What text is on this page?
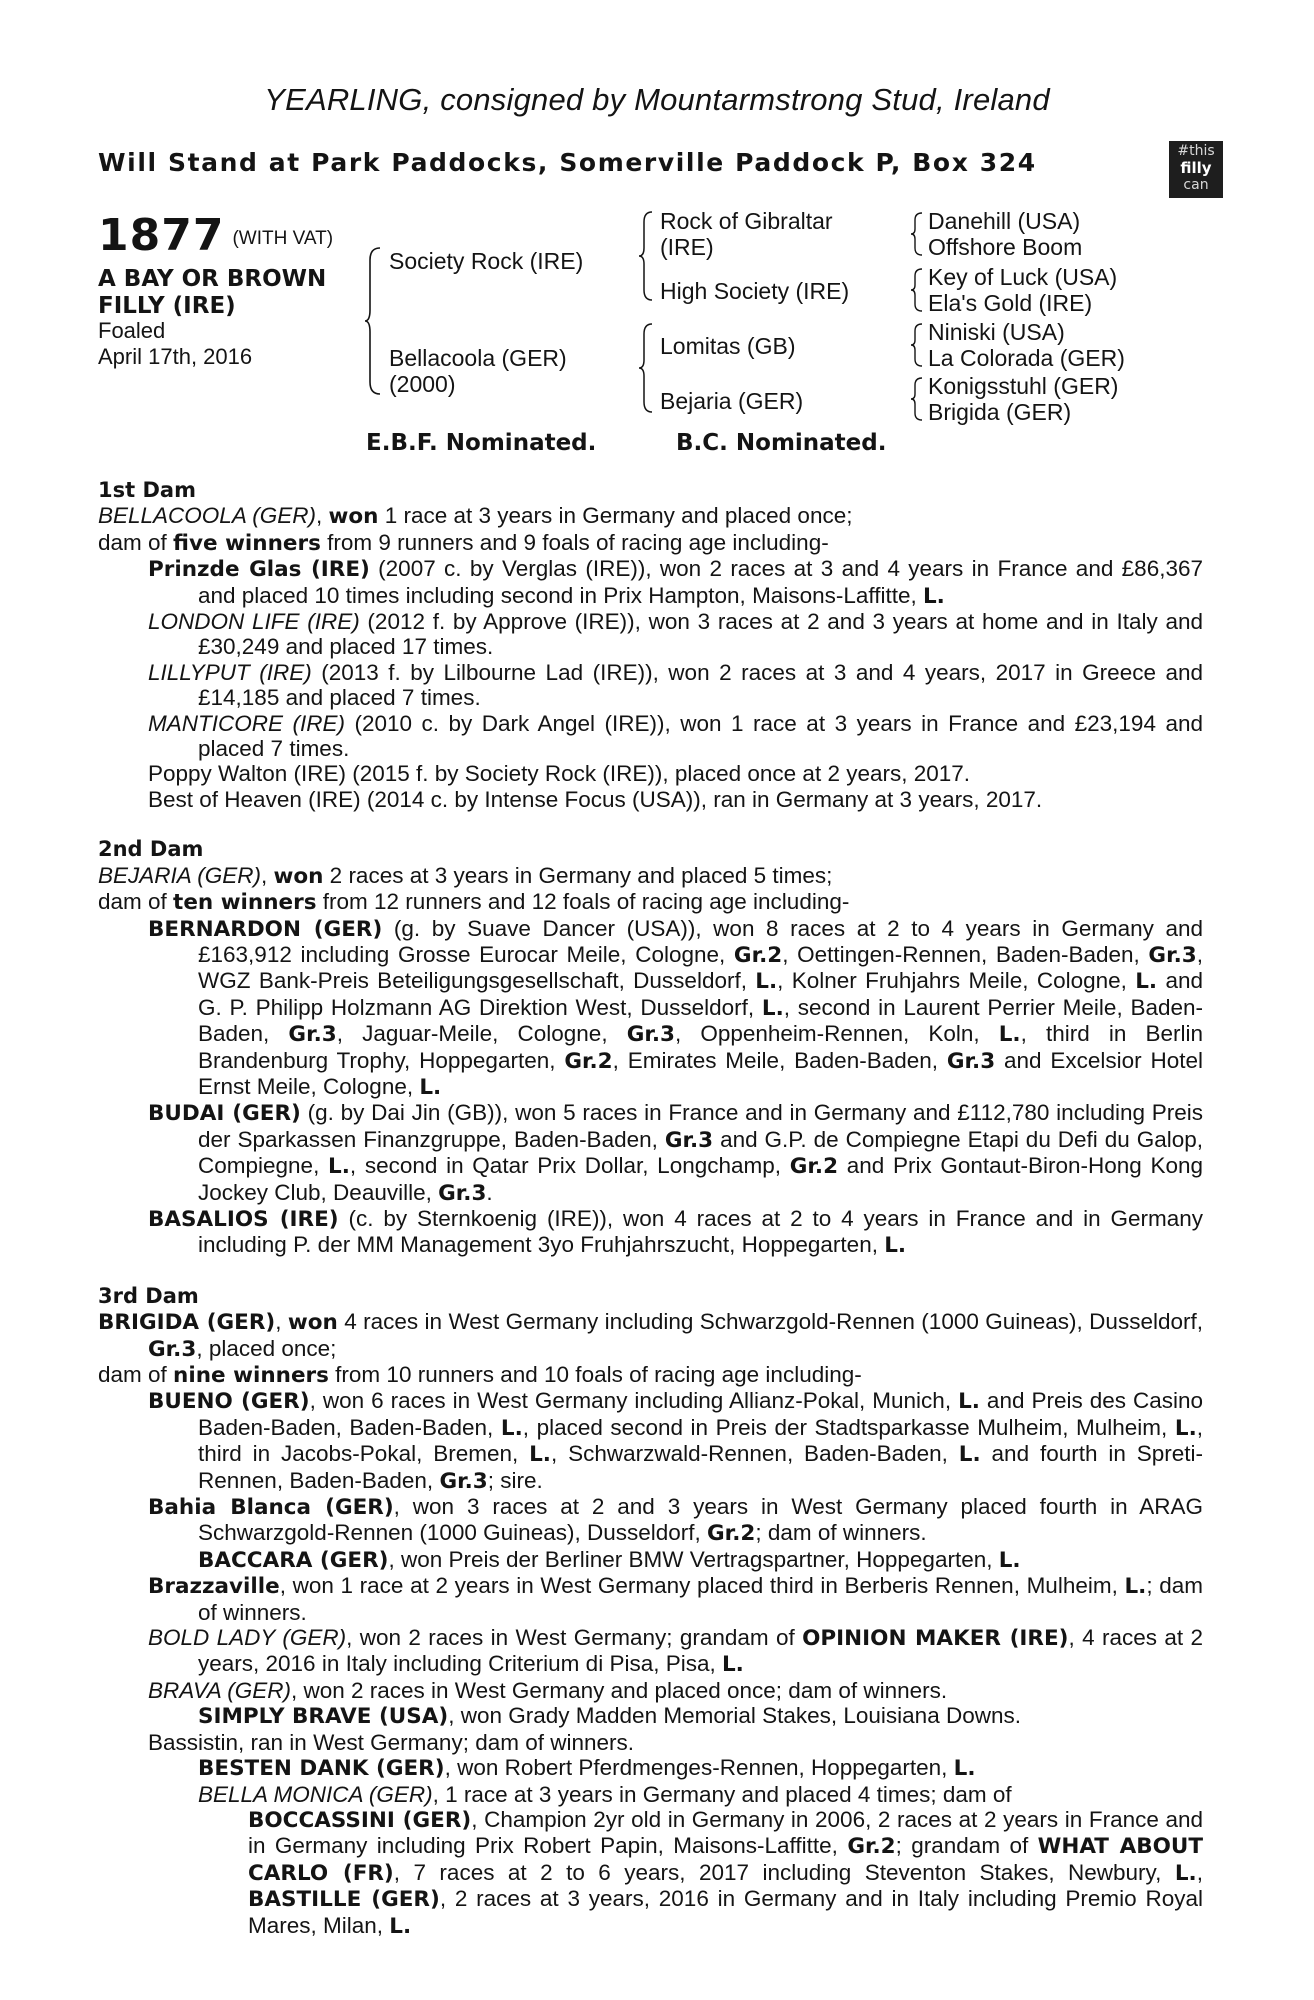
YEARLING, consigned by Mountarmstrong Stud, Ireland
Will Stand at Park Paddocks, Somerville Paddock P, Box 324	#this
filly
can
1877 (WITH VAT)
A BAY OR BROWN
FILLY (IRE)
Foaled
April 17th, 2016
Society Rock (IRE)
Bellacoola (GER)
(2000)
Rock of Gibraltar
(IRE)
High Society (IRE)
Lomitas (GB)
Bejaria (GER)
Danehill (USA)
Offshore Boom
Key of Luck (USA)
Ela's Gold (IRE)
Niniski (USA)
La Colorada (GER)
Konigsstuhl (GER)
Brigida (GER)
E.B.F. Nominated.	B.C. Nominated.

1st Dam

BELLACOOLA (GER), won 1 race at 3 years in Germany and placed once;

dam of five winners from 9 runners and 9 foals of racing age including-

Prinzde Glas (IRE) (2007 c. by Verglas (IRE)), won 2 races at 3 and 4 years in France and £86,367 and placed 10 times including second in Prix Hampton, Maisons-Laffitte, L.

LONDON LIFE (IRE) (2012 f. by Approve (IRE)), won 3 races at 2 and 3 years at home and in Italy and £30,249 and placed 17 times.

LILLYPUT (IRE) (2013 f. by Lilbourne Lad (IRE)), won 2 races at 3 and 4 years, 2017 in Greece and £14,185 and placed 7 times.

MANTICORE (IRE) (2010 c. by Dark Angel (IRE)), won 1 race at 3 years in France and £23,194 and placed 7 times.

Poppy Walton (IRE) (2015 f. by Society Rock (IRE)), placed once at 2 years, 2017.

Best of Heaven (IRE) (2014 c. by Intense Focus (USA)), ran in Germany at 3 years, 2017.

2nd Dam

BEJARIA (GER), won 2 races at 3 years in Germany and placed 5 times;

dam of ten winners from 12 runners and 12 foals of racing age including-

BERNARDON (GER) (g. by Suave Dancer (USA)), won 8 races at 2 to 4 years in Germany and £163,912 including Grosse Eurocar Meile, Cologne, Gr.2, Oettingen-Rennen, Baden-Baden, Gr.3, WGZ Bank-Preis Beteiligungsgesellschaft, Dusseldorf, L., Kolner Fruhjahrs Meile, Cologne, L. and G. P. Philipp Holzmann AG Direktion West, Dusseldorf, L., second in Laurent Perrier Meile, Baden-Baden, Gr.3, Jaguar-Meile, Cologne, Gr.3, Oppenheim-Rennen, Koln, L., third in Berlin Brandenburg Trophy, Hoppegarten, Gr.2, Emirates Meile, Baden-Baden, Gr.3 and Excelsior Hotel Ernst Meile, Cologne, L.

BUDAI (GER) (g. by Dai Jin (GB)), won 5 races in France and in Germany and £112,780 including Preis der Sparkassen Finanzgruppe, Baden-Baden, Gr.3 and G.P. de Compiegne Etapi du Defi du Galop, Compiegne, L., second in Qatar Prix Dollar, Longchamp, Gr.2 and Prix Gontaut-Biron-Hong Kong Jockey Club, Deauville, Gr.3.

BASALIOS (IRE) (c. by Sternkoenig (IRE)), won 4 races at 2 to 4 years in France and in Germany including P. der MM Management 3yo Fruhjahrszucht, Hoppegarten, L.

3rd Dam

BRIGIDA (GER), won 4 races in West Germany including Schwarzgold-Rennen (1000 Guineas), Dusseldorf, Gr.3, placed once;

dam of nine winners from 10 runners and 10 foals of racing age including-

BUENO (GER), won 6 races in West Germany including Allianz-Pokal, Munich, L. and Preis des Casino Baden-Baden, Baden-Baden, L., placed second in Preis der Stadtsparkasse Mulheim, Mulheim, L., third in Jacobs-Pokal, Bremen, L., Schwarzwald-Rennen, Baden-Baden, L. and fourth in Spreti-Rennen, Baden-Baden, Gr.3; sire.

Bahia Blanca (GER), won 3 races at 2 and 3 years in West Germany placed fourth in ARAG Schwarzgold-Rennen (1000 Guineas), Dusseldorf, Gr.2; dam of winners.

BACCARA (GER), won Preis der Berliner BMW Vertragspartner, Hoppegarten, L.

Brazzaville, won 1 race at 2 years in West Germany placed third in Berberis Rennen, Mulheim, L.; dam of winners.

BOLD LADY (GER), won 2 races in West Germany; grandam of OPINION MAKER (IRE), 4 races at 2 years, 2016 in Italy including Criterium di Pisa, Pisa, L.

BRAVA (GER), won 2 races in West Germany and placed once; dam of winners.

SIMPLY BRAVE (USA), won Grady Madden Memorial Stakes, Louisiana Downs.

Bassistin, ran in West Germany; dam of winners.

BESTEN DANK (GER), won Robert Pferdmenges-Rennen, Hoppegarten, L.

BELLA MONICA (GER), 1 race at 3 years in Germany and placed 4 times; dam of

BOCCASSINI (GER), Champion 2yr old in Germany in 2006, 2 races at 2 years in France and in Germany including Prix Robert Papin, Maisons-Laffitte, Gr.2; grandam of WHAT ABOUT CARLO (FR), 7 races at 2 to 6 years, 2017 including Steventon Stakes, Newbury, L., BASTILLE (GER), 2 races at 3 years, 2016 in Germany and in Italy including Premio Royal Mares, Milan, L.
